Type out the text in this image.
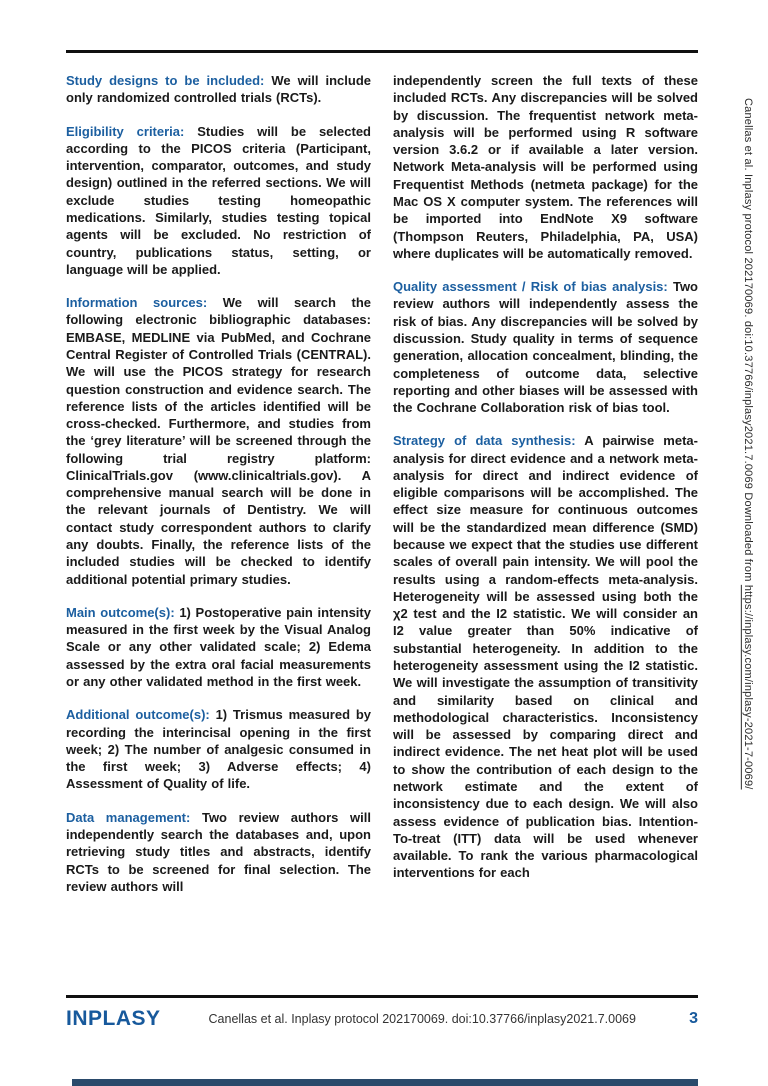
Study designs to be included: We will include only randomized controlled trials (RCTs).

Eligibility criteria: Studies will be selected according to the PICOS criteria (Participant, intervention, comparator, outcomes, and study design) outlined in the referred sections. We will exclude studies testing homeopathic medications. Similarly, studies testing topical agents will be excluded. No restriction of country, publications status, setting, or language will be applied.

Information sources: We will search the following electronic bibliographic databases: EMBASE, MEDLINE via PubMed, and Cochrane Central Register of Controlled Trials (CENTRAL). We will use the PICOS strategy for research question construction and evidence search. The reference lists of the articles identified will be cross-checked. Furthermore, and studies from the ‘grey literature’ will be screened through the following trial registry platform: ClinicalTrials.gov (www.clinicaltrials.gov). A comprehensive manual search will be done in the relevant journals of Dentistry. We will contact study correspondent authors to clarify any doubts. Finally, the reference lists of the included studies will be checked to identify additional potential primary studies.

Main outcome(s): 1) Postoperative pain intensity measured in the first week by the Visual Analog Scale or any other validated scale; 2) Edema assessed by the extra oral facial measurements or any other validated method in the first week.

Additional outcome(s): 1) Trismus measured by recording the interincisal opening in the first week; 2) The number of analgesic consumed in the first week; 3) Adverse effects; 4) Assessment of Quality of life.

Data management: Two review authors will independently search the databases and, upon retrieving study titles and abstracts, identify RCTs to be screened for final selection. The review authors will

independently screen the full texts of these included RCTs. Any discrepancies will be solved by discussion. The frequentist network meta-analysis will be performed using R software version 3.6.2 or if available a later version. Network Meta-analysis will be performed using Frequentist Methods (netmeta package) for the Mac OS X computer system. The references will be imported into EndNote X9 software (Thompson Reuters, Philadelphia, PA, USA) where duplicates will be automatically removed.

Quality assessment / Risk of bias analysis: Two review authors will independently assess the risk of bias. Any discrepancies will be solved by discussion. Study quality in terms of sequence generation, allocation concealment, blinding, the completeness of outcome data, selective reporting and other biases will be assessed with the Cochrane Collaboration risk of bias tool.

Strategy of data synthesis: A pairwise meta-analysis for direct evidence and a network meta-analysis for direct and indirect evidence of eligible comparisons will be accomplished. The effect size measure for continuous outcomes will be the standardized mean difference (SMD) because we expect that the studies use different scales of overall pain intensity. We will pool the results using a random-effects meta-analysis. Heterogeneity will be assessed using both the χ2 test and the I2 statistic. We will consider an I2 value greater than 50% indicative of substantial heterogeneity. In addition to the heterogeneity assessment using the I2 statistic. We will investigate the assumption of transitivity and similarity based on clinical and methodological characteristics. Inconsistency will be assessed by comparing direct and indirect evidence. The net heat plot will be used to show the contribution of each design to the network estimate and the extent of inconsistency due to each design. We will also assess evidence of publication bias. Intention-To-treat (ITT) data will be used whenever available. To rank the various pharmacological interventions for each

Canellas et al. Inplasy protocol 202170069. doi:10.37766/inplasy2021.7.0069 Downloaded from https://inplasy.com/inplasy-2021-7-0069/
INPLASY	Canellas et al. Inplasy protocol 202170069. doi:10.37766/inplasy2021.7.0069	3
